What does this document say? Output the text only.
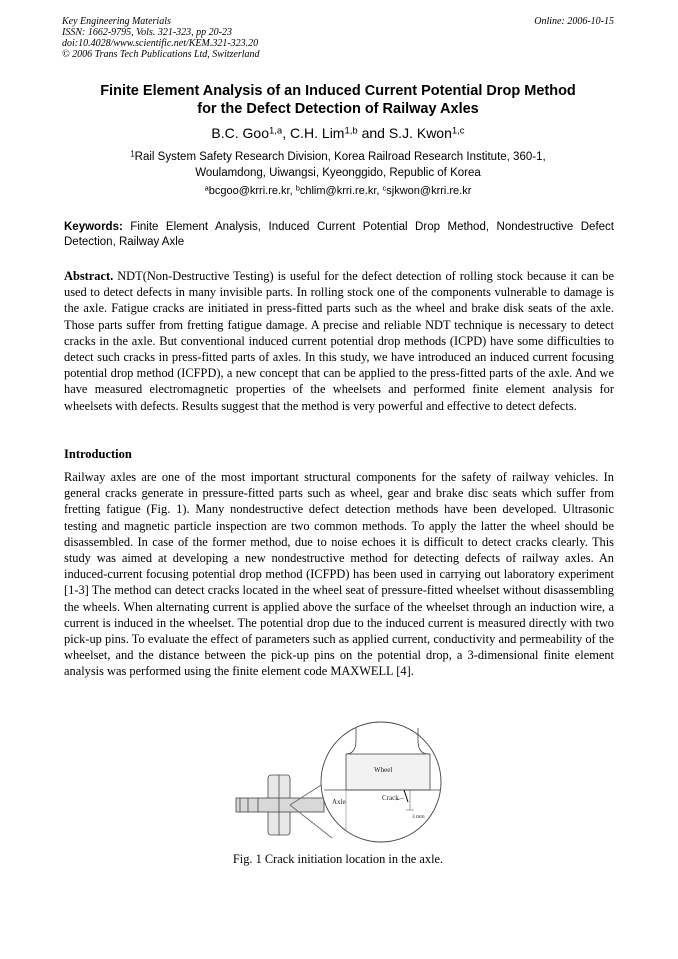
Key Engineering Materials
ISSN: 1662-9795, Vols. 321-323, pp 20-23
doi:10.4028/www.scientific.net/KEM.321-323.20
© 2006 Trans Tech Publications Ltd, Switzerland
Online: 2006-10-15
Finite Element Analysis of an Induced Current Potential Drop Method
for the Defect Detection of Railway Axles
B.C. Goo$^{1,a}$, C.H. Lim$^{1,b}$ and S.J. Kwon$^{1,c}$
$^1$Rail System Safety Research Division, Korea Railroad Research Institute, 360-1,
Woulamdong, Uiwangsi, Kyeonggido, Republic of Korea
$^a$bcgoo@krri.re.kr, $^b$chlim@krri.re.kr, $^c$sjkwon@krri.re.kr
Keywords: Finite Element Analysis, Induced Current Potential Drop Method, Nondestructive Defect Detection, Railway Axle
Abstract. NDT(Non-Destructive Testing) is useful for the defect detection of rolling stock because it can be used to detect defects in many invisible parts. In rolling stock one of the components vulnerable to damage is the axle. Fatigue cracks are initiated in press-fitted parts such as the wheel and brake disk seats of the axle. Those parts suffer from fretting fatigue damage. A precise and reliable NDT technique is necessary to detect cracks in the axle. But conventional induced current potential drop methods (ICPD) have some difficulties to detect such cracks in press-fitted parts of axles. In this study, we have introduced an induced current focusing potential drop method (ICFPD), a new concept that can be applied to the press-fitted parts of the axle. And we have measured electromagnetic properties of the wheelsets and performed finite element analysis for wheelsets with defects. Results suggest that the method is very powerful and effective to detect defects.
Introduction
Railway axles are one of the most important structural components for the safety of railway vehicles. In general cracks generate in pressure-fitted parts such as wheel, gear and brake disc seats which suffer from fretting fatigue (Fig. 1). Many nondestructive defect detection methods have been developed. Ultrasonic testing and magnetic particle inspection are two common methods. To apply the latter the wheel should be disassembled. In case of the former method, due to noise echoes it is difficult to detect cracks clearly. This study was aimed at developing a new nondestructive method for detecting defects of railway axles. An induced-current focusing potential drop method (ICFPD) has been used in carrying out laboratory experiment [1-3] The method can detect cracks located in the wheel seat of pressure-fitted wheelset without disassembling the wheels. When alternating current is applied above the surface of the wheelset through an induction wire, a current is induced in the wheelset. The potential drop due to the induced current is measured directly with two pick-up pins. To evaluate the effect of parameters such as applied current, conductivity and permeability of the wheelset, and the distance between the pick-up pins on the potential drop, a 3-dimensional finite element analysis was performed using the finite element code MAXWELL [4].
Wheel
Axle	Crack
3 mm
Fig. 1 Crack initiation location in the axle.
